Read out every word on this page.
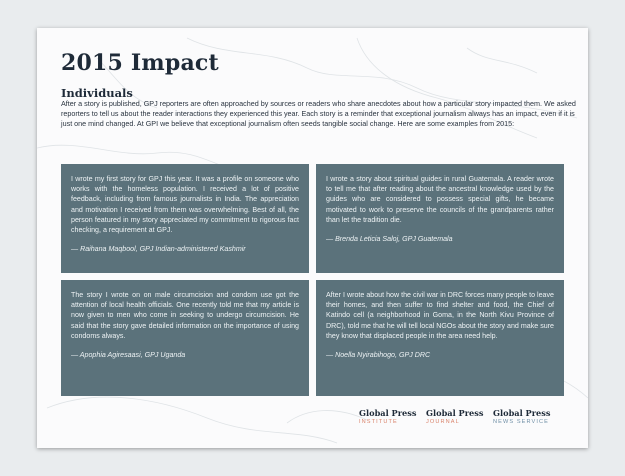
2015 Impact
Individuals
After a story is published, GPJ reporters are often approached by sources or readers who share anecdotes about how a particular story impacted them. We asked reporters to tell us about the reader interactions they experienced this year. Each story is a reminder that exceptional journalism always has an impact, even if it is just one mind changed. At GPI we believe that exceptional journalism often seeds tangible social change. Here are some examples from 2015:
I wrote my first story for GPJ this year. It was a profile on someone who works with the homeless population. I received a lot of positive feedback, including from famous journalists in India. The appreciation and motivation I received from them was overwhelming. Best of all, the person featured in my story appreciated my commitment to rigorous fact checking, a requirement at GPJ.
— Raihana Maqbool, GPJ Indian-administered Kashmir
I wrote a story about spiritual guides in rural Guatemala. A reader wrote to tell me that after reading about the ancestral knowledge used by the guides who are considered to possess special gifts, he became motivated to work to preserve the councils of the grandparents rather than let the tradition die.
— Brenda Leticia Saloj, GPJ Guatemala
The story I wrote on on male circumcision and condom use got the attention of local health officials. One recently told me that my article is now given to men who come in seeking to undergo circumcision. He said that the story gave detailed information on the importance of using condoms always.
— Apophia Agiresaasi, GPJ Uganda
After I wrote about how the civil war in DRC forces many people to leave their homes, and then suffer to find shelter and food, the Chief of Katindo cell (a neighborhood in Goma, in the North Kivu Province of DRC), told me that he will tell local NGOs about the story and make sure they know that displaced people in the area need help.
— Noella Nyirabihogo, GPJ DRC
Global Press
INSTITUTE
Global Press
JOURNAL
Global Press
NEWS SERVICE
